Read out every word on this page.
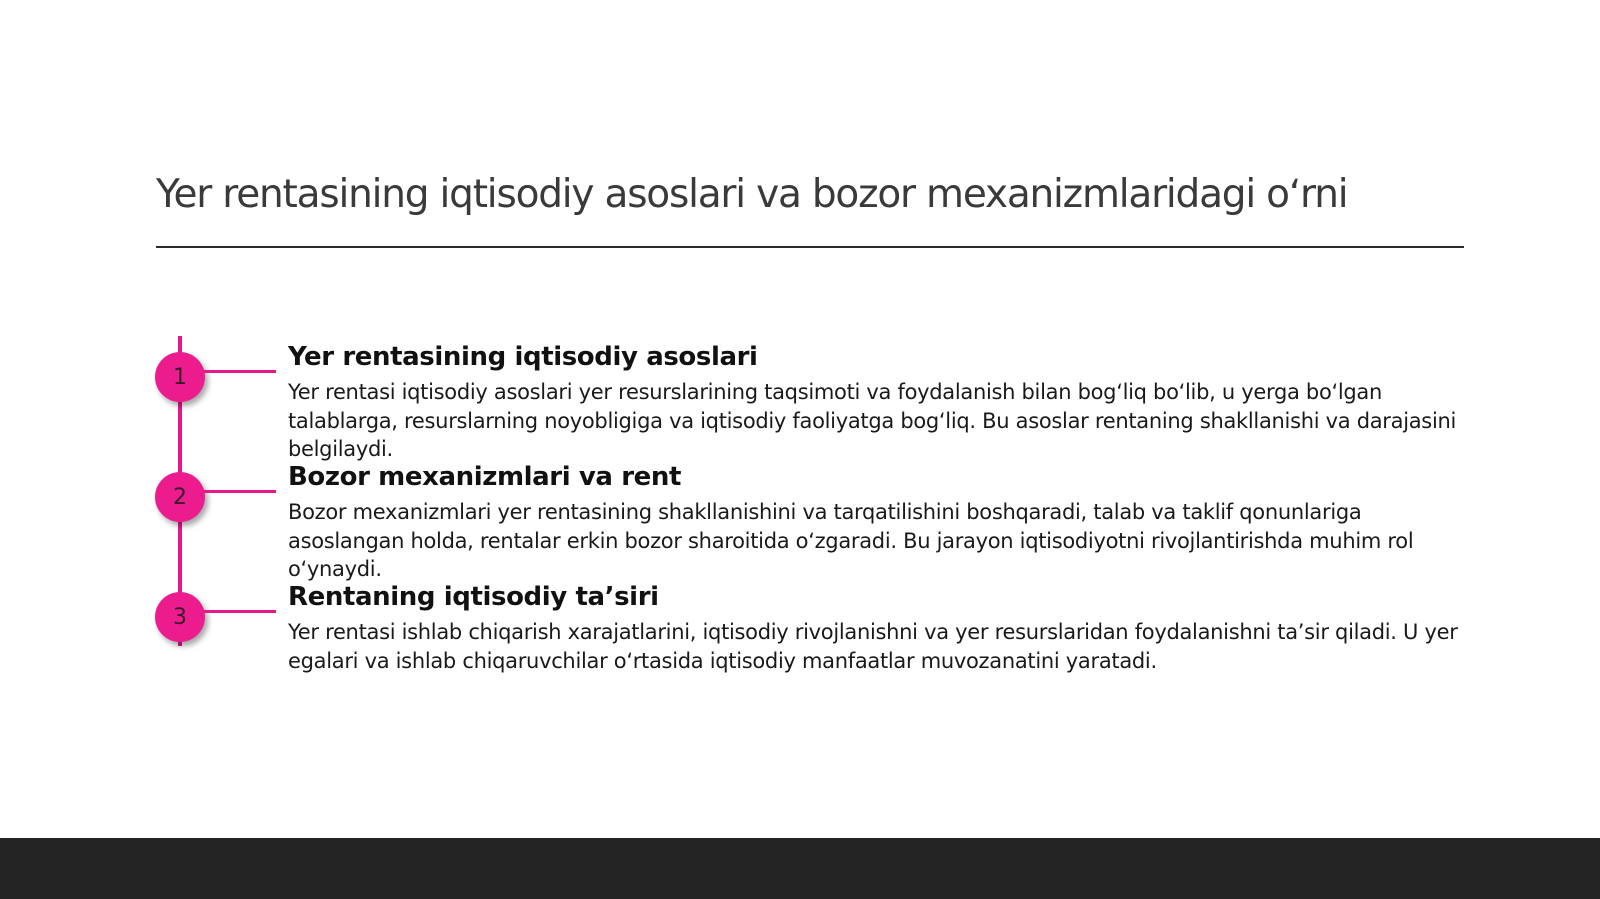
Yer rentasining iqtisodiy asoslari va bozor mexanizmlaridagi o‘rni
1
Yer rentasining iqtisodiy asoslari

Yer rentasi iqtisodiy asoslari yer resurslarining taqsimoti va foydalanish bilan bog‘liq bo‘lib, u yerga bo‘lgan talablarga, resurslarning noyobligiga va iqtisodiy faoliyatga bog‘liq. Bu asoslar rentaning shakllanishi va darajasini belgilaydi.

2
Bozor mexanizmlari va rent

Bozor mexanizmlari yer rentasining shakllanishini va tarqatilishini boshqaradi, talab va taklif qonunlariga asoslangan holda, rentalar erkin bozor sharoitida o‘zgaradi. Bu jarayon iqtisodiyotni rivojlantirishda muhim rol o‘ynaydi.

3
Rentaning iqtisodiy ta’siri

Yer rentasi ishlab chiqarish xarajatlarini, iqtisodiy rivojlanishni va yer resurslaridan foydalanishni ta’sir qiladi. U yer egalari va ishlab chiqaruvchilar o‘rtasida iqtisodiy manfaatlar muvozanatini yaratadi.
